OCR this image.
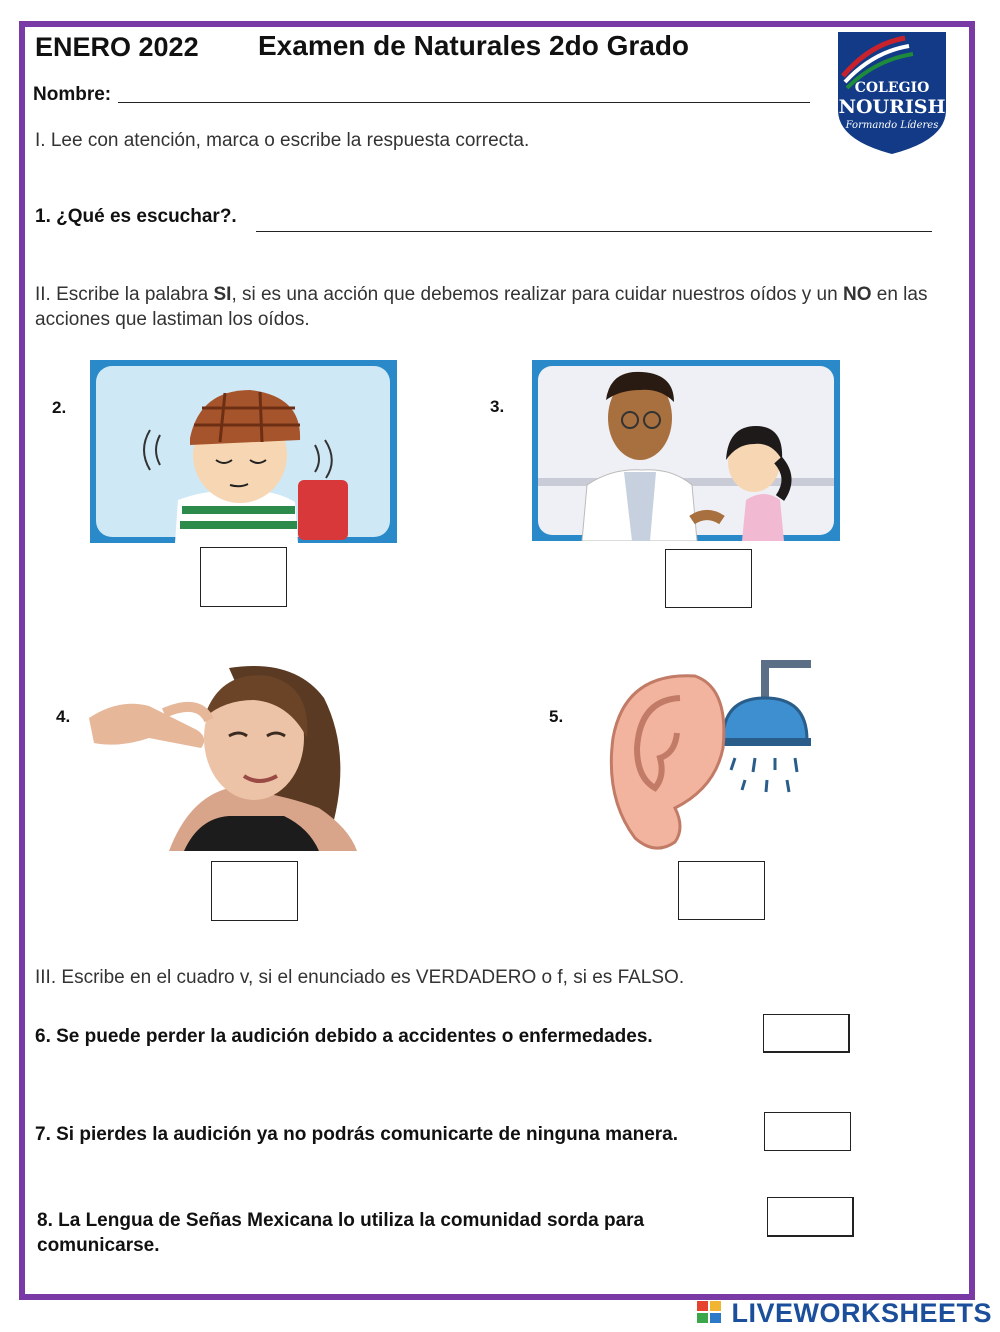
ENERO 2022 Examen de Naturales 2do Grado
COLEGIO
NOURISH
Formando Líderes
Nombre:
I. Lee con atención, marca o escribe la respuesta correcta.
1. ¿Qué es escuchar?.
II. Escribe la palabra SI, si es una acción que debemos realizar para cuidar nuestros oídos y un NO en las acciones que lastiman los oídos.
2.	3.
4.	5.
III. Escribe en el cuadro v, si el enunciado es VERDADERO o f, si es FALSO.
6. Se puede perder la audición debido a accidentes o enfermedades.
7. Si pierdes la audición ya no podrás comunicarte de ninguna manera.
8. La Lengua de Señas Mexicana lo utiliza la comunidad sorda para
comunicarse.
LIVEWORKSHEETS
